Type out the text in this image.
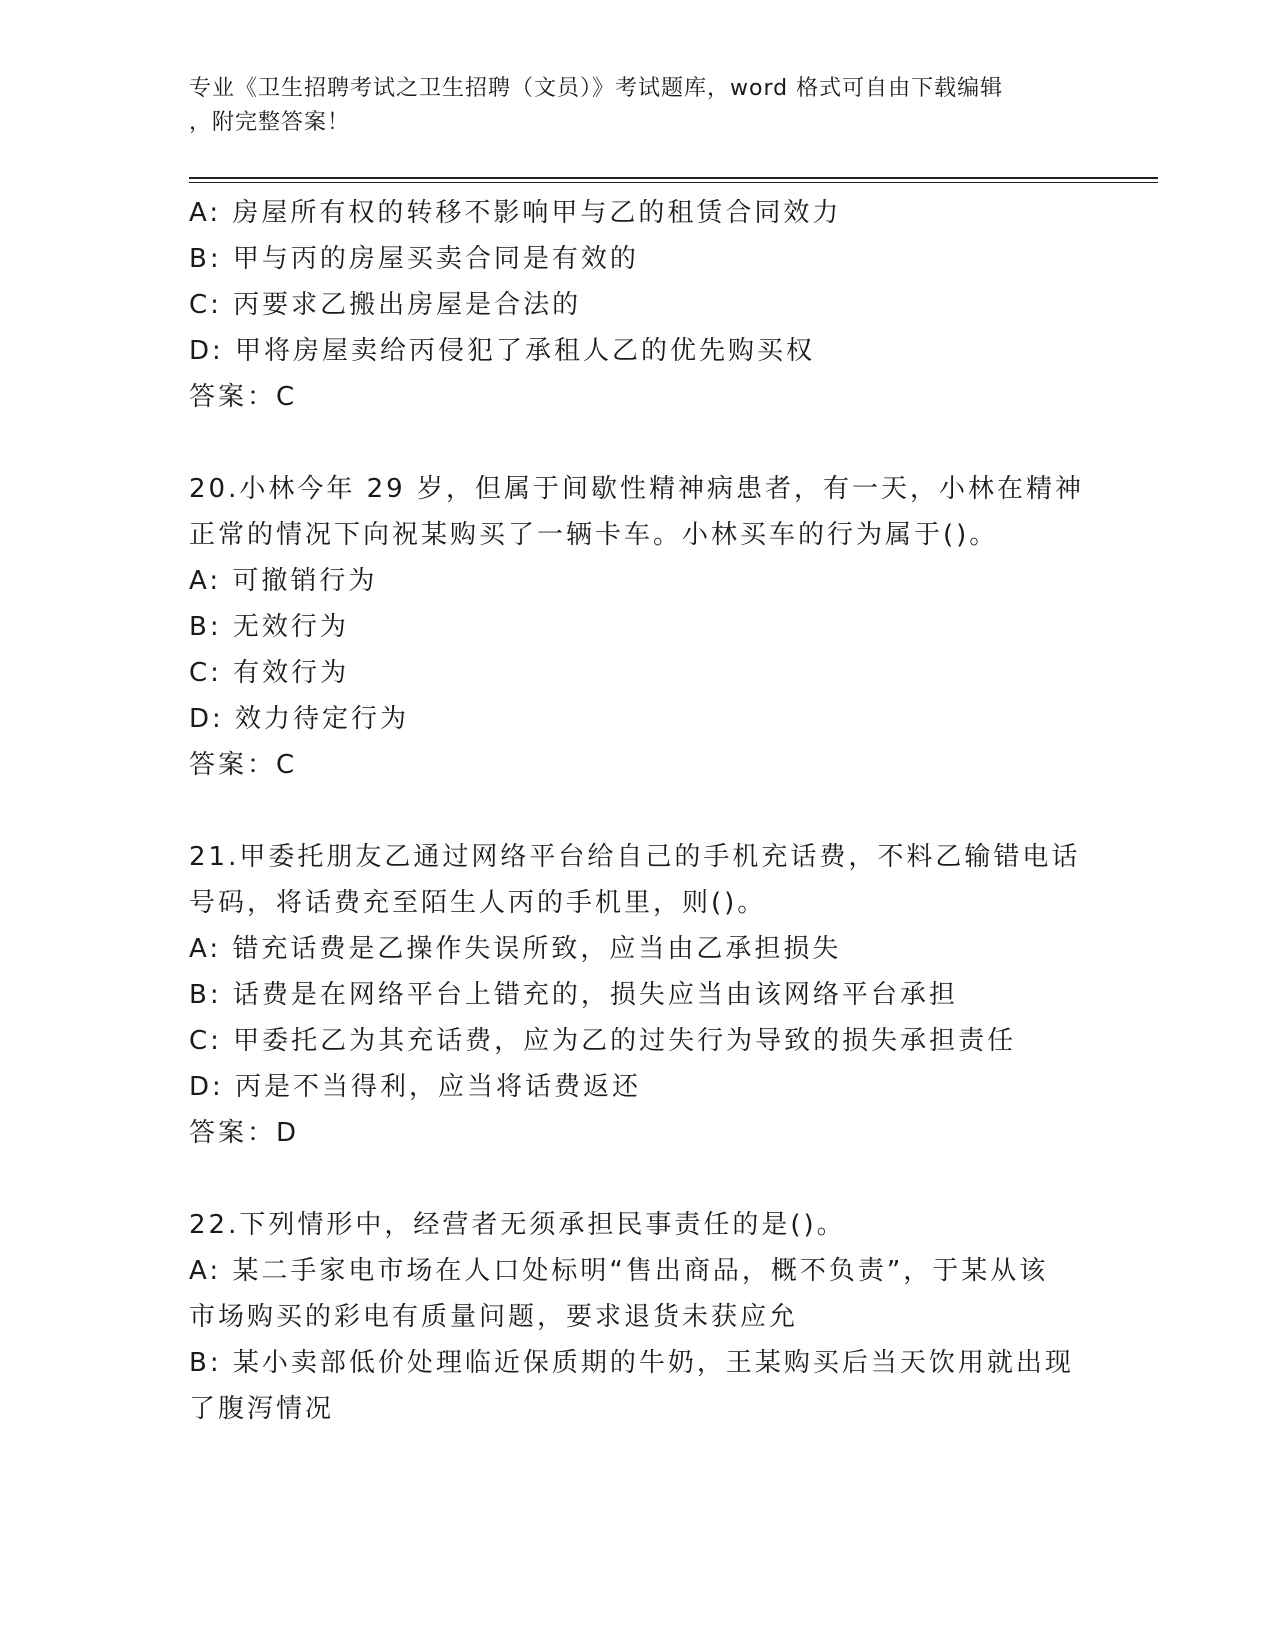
专业《卫生招聘考试之卫生招聘（文员）》考试题库，word 格式可自由下载编辑
，附完整答案！
A: 房屋所有权的转移不影响甲与乙的租赁合同效力
B: 甲与丙的房屋买卖合同是有效的
C: 丙要求乙搬出房屋是合法的
D: 甲将房屋卖给丙侵犯了承租人乙的优先购买权
答案：C
20.小林今年 29 岁，但属于间歇性精神病患者，有一天，小林在精神
正常的情况下向祝某购买了一辆卡车。小林买车的行为属于()。
A: 可撤销行为
B: 无效行为
C: 有效行为
D: 效力待定行为
答案：C
21.甲委托朋友乙通过网络平台给自己的手机充话费，不料乙输错电话
号码，将话费充至陌生人丙的手机里，则()。
A: 错充话费是乙操作失误所致，应当由乙承担损失
B: 话费是在网络平台上错充的，损失应当由该网络平台承担
C: 甲委托乙为其充话费，应为乙的过失行为导致的损失承担责任
D: 丙是不当得利，应当将话费返还
答案：D
22.下列情形中，经营者无须承担民事责任的是()。
A: 某二手家电市场在人口处标明“售出商品，概不负责”，于某从该
市场购买的彩电有质量问题，要求退货未获应允
B: 某小卖部低价处理临近保质期的牛奶，王某购买后当天饮用就出现
了腹泻情况
